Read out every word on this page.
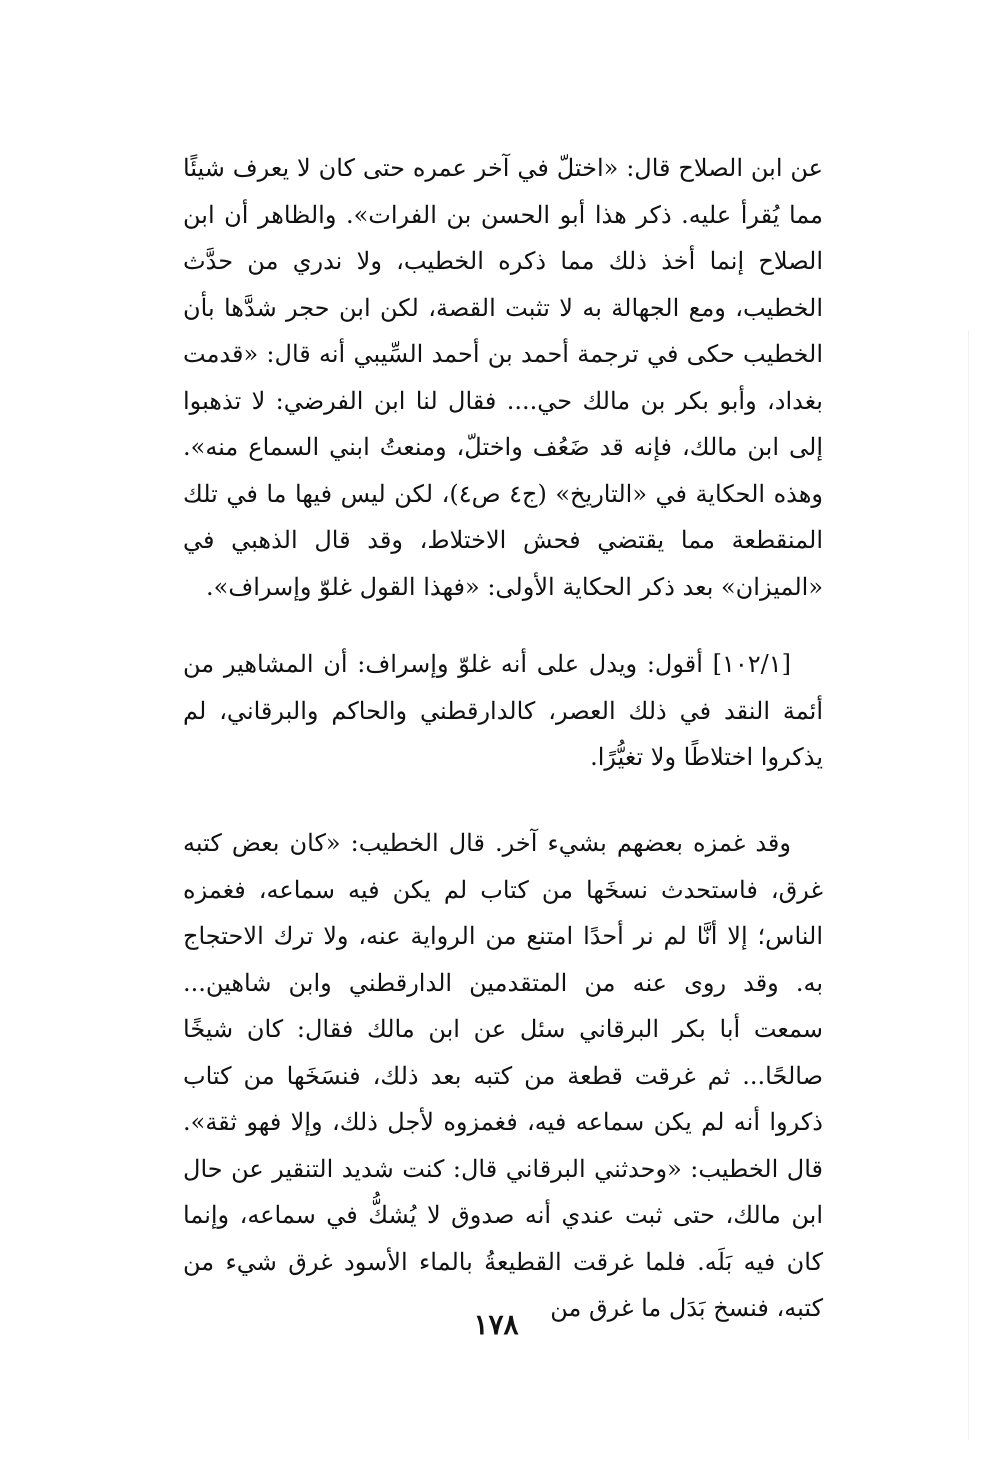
عن ابن الصلاح قال: «اختلّ في آخر عمره حتى كان لا يعرف شيئًا مما يُقرأ عليه. ذكر هذا أبو الحسن بن الفرات». والظاهر أن ابن الصلاح إنما أخذ ذلك مما ذكره الخطيب، ولا ندري من حدَّث الخطيب، ومع الجهالة به لا تثبت القصة، لكن ابن حجر شدَّها بأن الخطيب حكى في ترجمة أحمد بن أحمد السِّيبي أنه قال: «قدمت بغداد، وأبو بكر بن مالك حي.... فقال لنا ابن الفرضي: لا تذهبوا إلى ابن مالك، فإنه قد ضَعُف واختلّ، ومنعتُ ابني السماع منه». وهذه الحكاية في «التاريخ» (ج٤ ص٤)، لكن ليس فيها ما في تلك المنقطعة مما يقتضي فحش الاختلاط، وقد قال الذهبي في «الميزان» بعد ذكر الحكاية الأولى: «فهذا القول غلوّ وإسراف».

[١٠٢/١] أقول: ويدل على أنه غلوّ وإسراف: أن المشاهير من أئمة النقد في ذلك العصر، كالدارقطني والحاكم والبرقاني، لم يذكروا اختلاطًا ولا تغيُّرًا.

وقد غمزه بعضهم بشيء آخر. قال الخطيب: «كان بعض كتبه غرق، فاستحدث نسخَها من كتاب لم يكن فيه سماعه، فغمزه الناس؛ إلا أنَّا لم نر أحدًا امتنع من الرواية عنه، ولا ترك الاحتجاج به. وقد روى عنه من المتقدمين الدارقطني وابن شاهين... سمعت أبا بكر البرقاني سئل عن ابن مالك فقال: كان شيخًا صالحًا... ثم غرقت قطعة من كتبه بعد ذلك، فنسَخَها من كتاب ذكروا أنه لم يكن سماعه فيه، فغمزوه لأجل ذلك، وإلا فهو ثقة». قال الخطيب: «وحدثني البرقاني قال: كنت شديد التنقير عن حال ابن مالك، حتى ثبت عندي أنه صدوق لا يُشكُّ في سماعه، وإنما كان فيه بَلَه. فلما غرقت القطيعةُ بالماء الأسود غرق شيء من كتبه، فنسخ بَدَل ما غرق من

١٧٨
